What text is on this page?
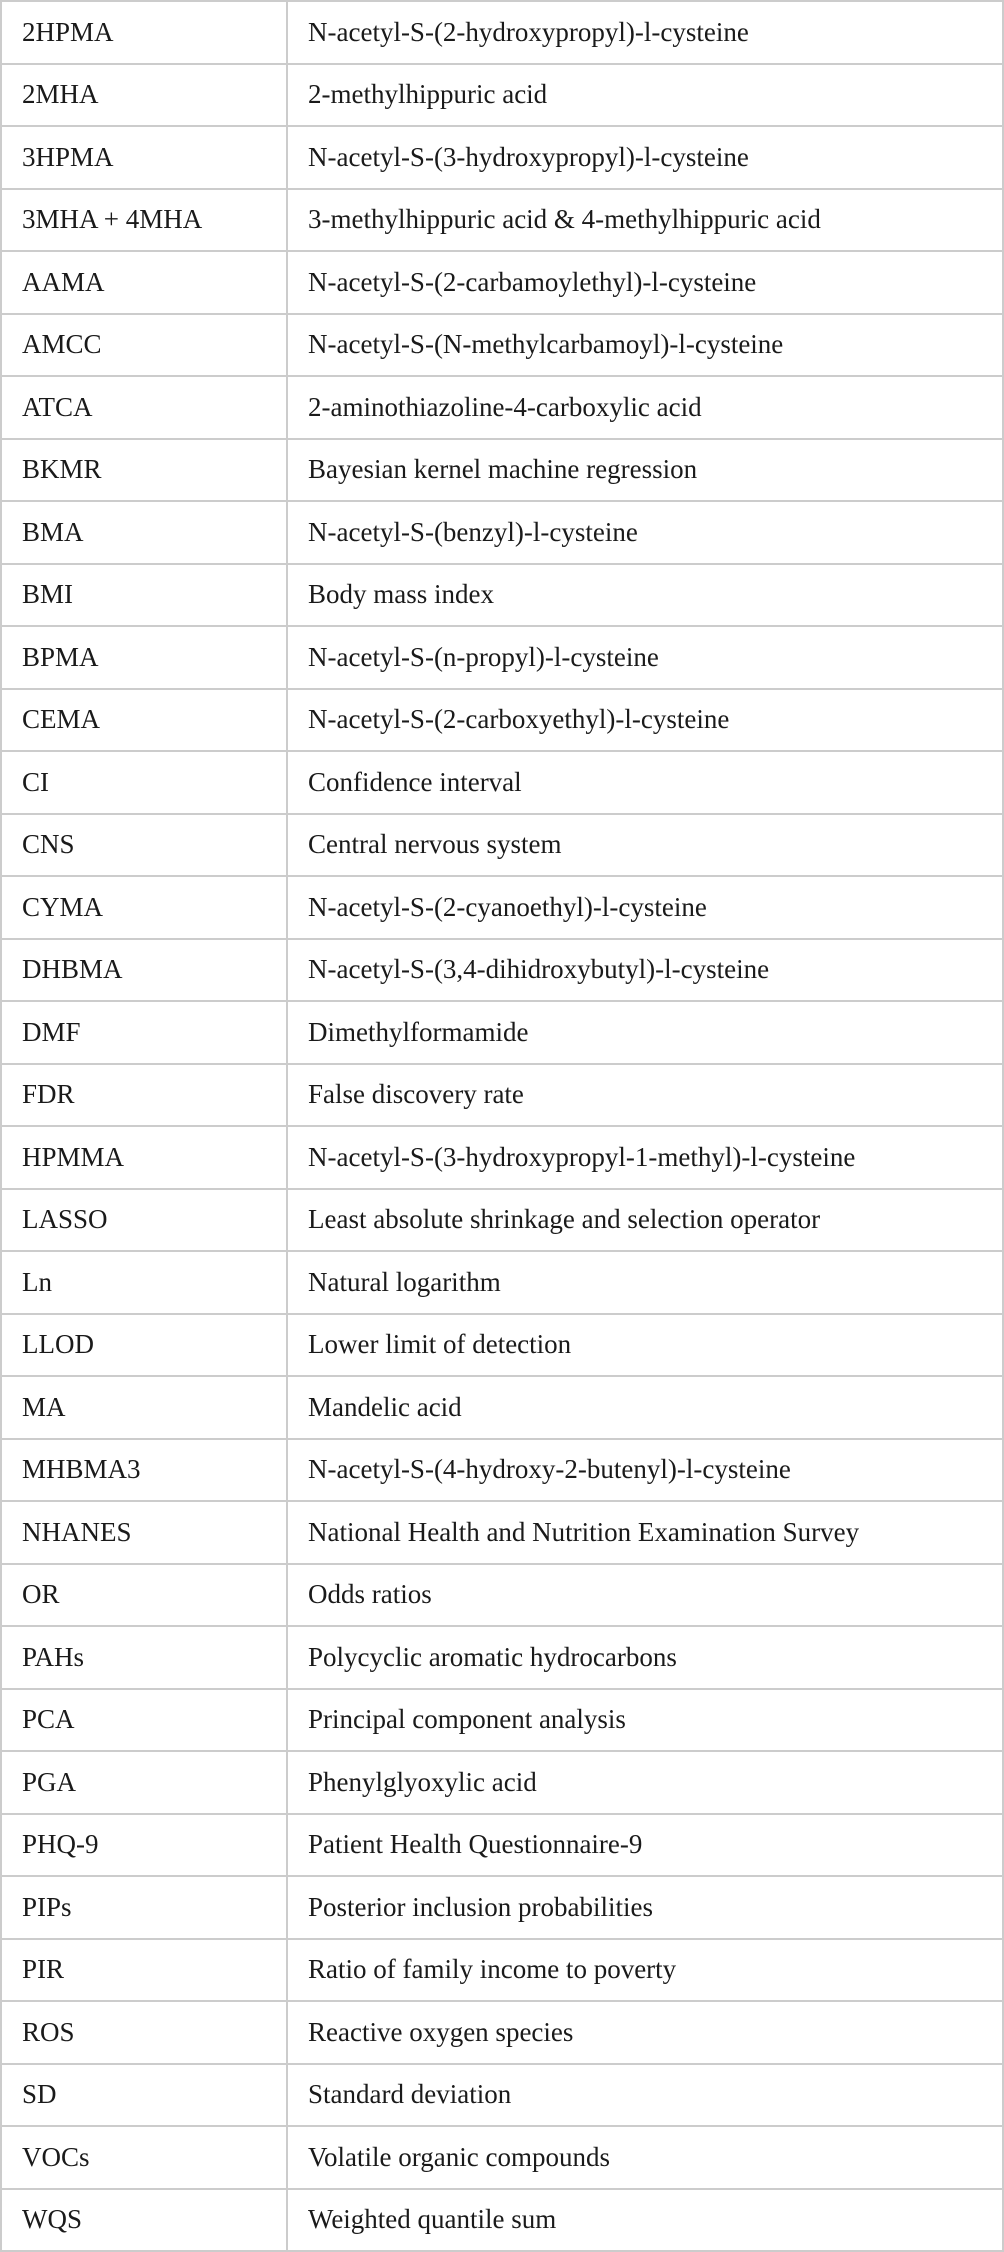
2HPMA	N-acetyl-S-(2-hydroxypropyl)-l-cysteine
2MHA	2-methylhippuric acid
3HPMA	N-acetyl-S-(3-hydroxypropyl)-l-cysteine
3MHA + 4MHA	3-methylhippuric acid & 4-methylhippuric acid
AAMA	N-acetyl-S-(2-carbamoylethyl)-l-cysteine
AMCC	N-acetyl-S-(N-methylcarbamoyl)-l-cysteine
ATCA	2-aminothiazoline-4-carboxylic acid
BKMR	Bayesian kernel machine regression
BMA	N-acetyl-S-(benzyl)-l-cysteine
BMI	Body mass index
BPMA	N-acetyl-S-(n-propyl)-l-cysteine
CEMA	N-acetyl-S-(2-carboxyethyl)-l-cysteine
CI	Confidence interval
CNS	Central nervous system
CYMA	N-acetyl-S-(2-cyanoethyl)-l-cysteine
DHBMA	N-acetyl-S-(3,4-dihidroxybutyl)-l-cysteine
DMF	Dimethylformamide
FDR	False discovery rate
HPMMA	N-acetyl-S-(3-hydroxypropyl-1-methyl)-l-cysteine
LASSO	Least absolute shrinkage and selection operator
Ln	Natural logarithm
LLOD	Lower limit of detection
MA	Mandelic acid
MHBMA3	N-acetyl-S-(4-hydroxy-2-butenyl)-l-cysteine
NHANES	National Health and Nutrition Examination Survey
OR	Odds ratios
PAHs	Polycyclic aromatic hydrocarbons
PCA	Principal component analysis
PGA	Phenylglyoxylic acid
PHQ-9	Patient Health Questionnaire-9
PIPs	Posterior inclusion probabilities
PIR	Ratio of family income to poverty
ROS	Reactive oxygen species
SD	Standard deviation
VOCs	Volatile organic compounds
WQS	Weighted quantile sum
